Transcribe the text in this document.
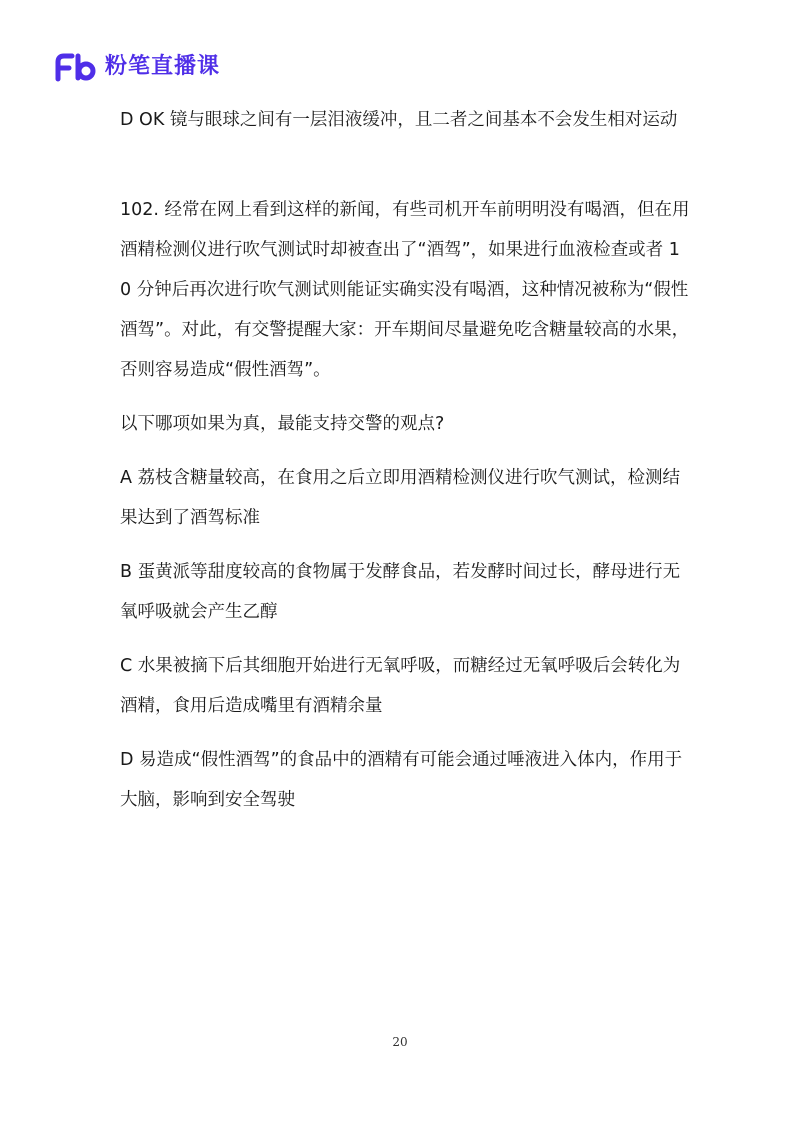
粉笔直播课

D OK 镜与眼球之间有一层泪液缓冲，且二者之间基本不会发生相对运动

102. 经常在网上看到这样的新闻，有些司机开车前明明没有喝酒，但在用酒精检测仪进行吹气测试时却被查出了“酒驾”，如果进行血液检查或者 10 分钟后再次进行吹气测试则能证实确实没有喝酒，这种情况被称为“假性酒驾”。对此，有交警提醒大家：开车期间尽量避免吃含糖量较高的水果，否则容易造成“假性酒驾”。

以下哪项如果为真，最能支持交警的观点?

A 荔枝含糖量较高，在食用之后立即用酒精检测仪进行吹气测试，检测结果达到了酒驾标准

B 蛋黄派等甜度较高的食物属于发酵食品，若发酵时间过长，酵母进行无氧呼吸就会产生乙醇

C 水果被摘下后其细胞开始进行无氧呼吸，而糖经过无氧呼吸后会转化为酒精，食用后造成嘴里有酒精余量

D 易造成“假性酒驾”的食品中的酒精有可能会通过唾液进入体内，作用于大脑，影响到安全驾驶

20
